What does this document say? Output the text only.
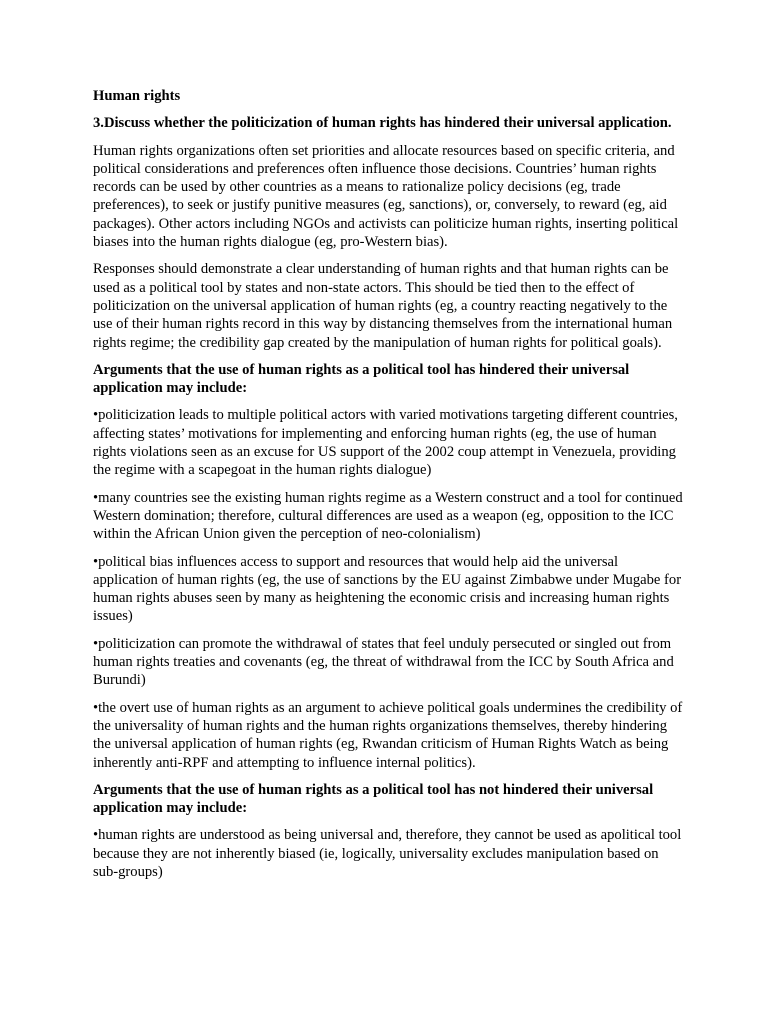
Human rights

3.Discuss whether the politicization of human rights has hindered their universal application.

Human rights organizations often set priorities and allocate resources based on specific criteria, and political considerations and preferences often influence those decisions. Countries’ human rights records can be used by other countries as a means to rationalize policy decisions (eg, trade preferences), to seek or justify punitive measures (eg, sanctions), or, conversely, to reward (eg, aid packages). Other actors including NGOs and activists can politicize human rights, inserting political biases into the human rights dialogue (eg, pro-Western bias).

Responses should demonstrate a clear understanding of human rights and that human rights can be used as a political tool by states and non-state actors. This should be tied then to the effect of politicization on the universal application of human rights (eg, a country reacting negatively to the use of their human rights record in this way by distancing themselves from the international human rights regime; the credibility gap created by the manipulation of human rights for political goals).

Arguments that the use of human rights as a political tool has hindered their universal application may include:

•politicization leads to multiple political actors with varied motivations targeting different countries, affecting states’ motivations for implementing and enforcing human rights (eg, the use of human rights violations seen as an excuse for US support of the 2002 coup attempt in Venezuela, providing the regime with a scapegoat in the human rights dialogue)

•many countries see the existing human rights regime as a Western construct and a tool for continued Western domination; therefore, cultural differences are used as a weapon (eg, opposition to the ICC within the African Union given the perception of neo-colonialism)

•political bias influences access to support and resources that would help aid the universal application of human rights (eg, the use of sanctions by the EU against Zimbabwe under Mugabe for human rights abuses seen by many as heightening the economic crisis and increasing human rights issues)

•politicization can promote the withdrawal of states that feel unduly persecuted or singled out from human rights treaties and covenants (eg, the threat of withdrawal from the ICC by South Africa and Burundi)

•the overt use of human rights as an argument to achieve political goals undermines the credibility of the universality of human rights and the human rights organizations themselves, thereby hindering the universal application of human rights (eg, Rwandan criticism of Human Rights Watch as being inherently anti-RPF and attempting to influence internal politics).

Arguments that the use of human rights as a political tool has not hindered their universal application may include:

•human rights are understood as being universal and, therefore, they cannot be used as apolitical tool because they are not inherently biased (ie, logically, universality excludes manipulation based on sub-groups)
